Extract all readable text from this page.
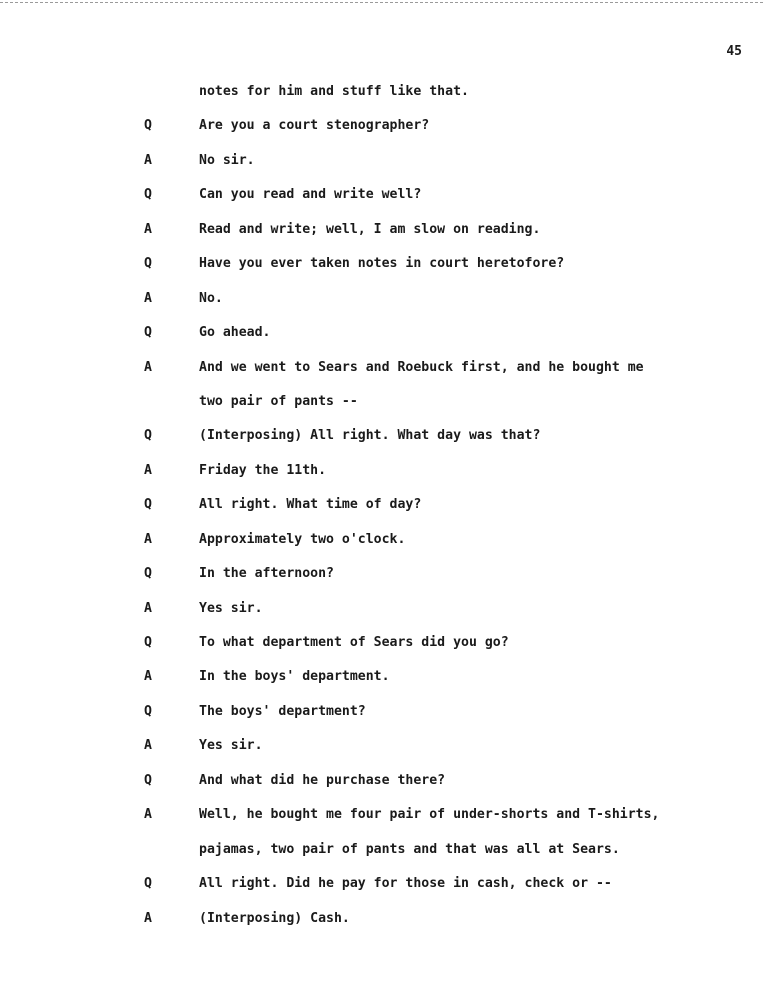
45
notes for him and stuff like that.
Q	Are you a court stenographer?
A	No sir.
Q	Can you read and write well?
A	Read and write; well, I am slow on reading.
Q	Have you ever taken notes in court heretofore?
A	No.
Q	Go ahead.
A	And we went to Sears and Roebuck first, and he bought me
two pair of pants --
Q	(Interposing) All right. What day was that?
A	Friday the 11th.
Q	All right. What time of day?
A	Approximately two o'clock.
Q	In the afternoon?
A	Yes sir.
Q	To what department of Sears did you go?
A	In the boys' department.
Q	The boys' department?
A	Yes sir.
Q	And what did he purchase there?
A	Well, he bought me four pair of under-shorts and T-shirts,
pajamas, two pair of pants and that was all at Sears.
Q	All right. Did he pay for those in cash, check or --
A	(Interposing) Cash.
